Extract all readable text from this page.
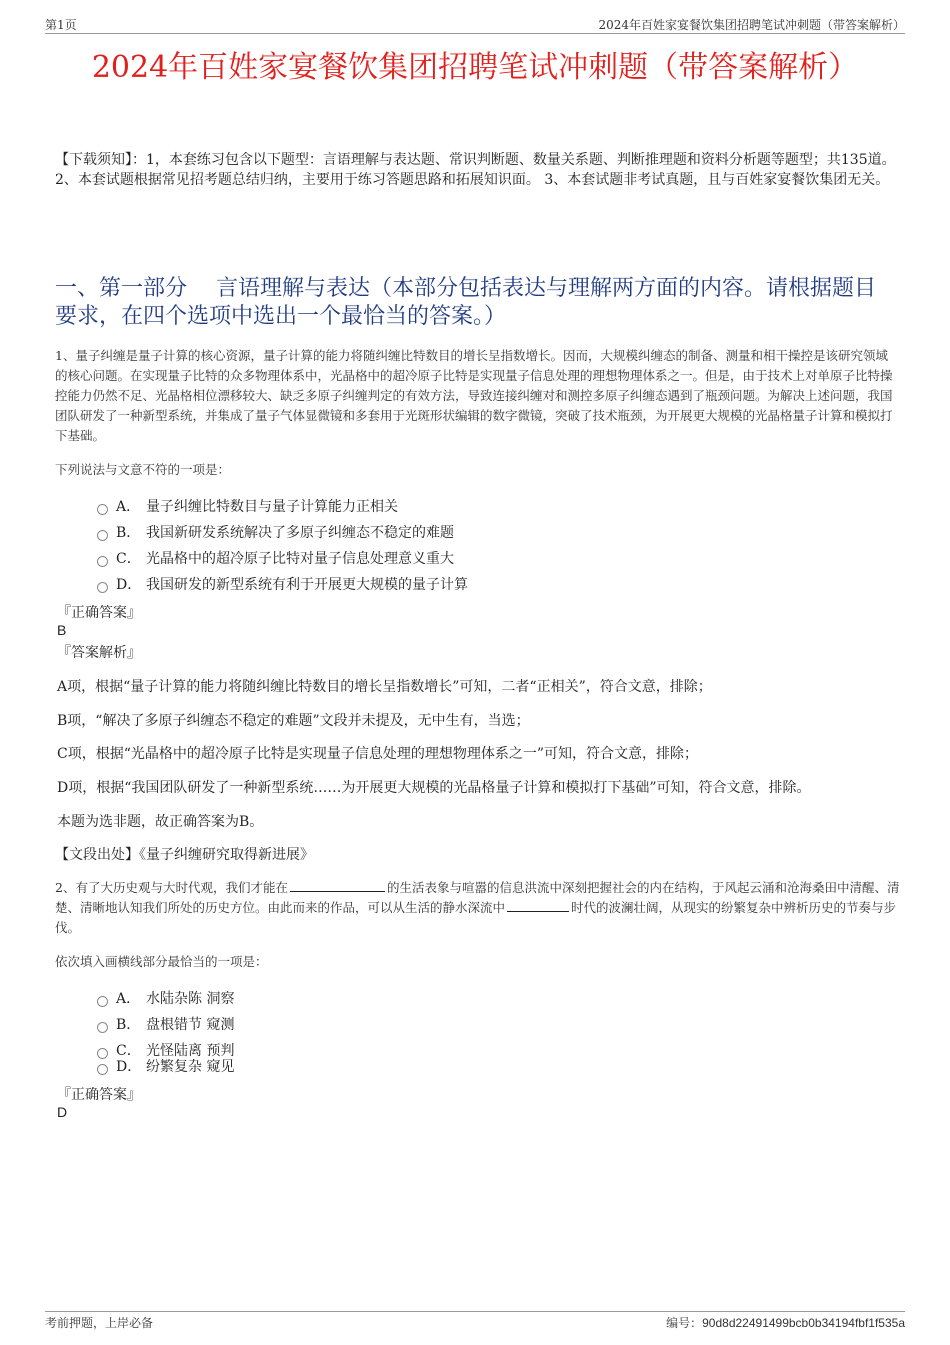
第1页	2024年百姓家宴餐饮集团招聘笔试冲刺题（带答案解析）
2024年百姓家宴餐饮集团招聘笔试冲刺题（带答案解析）
【下载须知】：1，本套练习包含以下题型：言语理解与表达题、常识判断题、数量关系题、判断推理题和资料分析题等题型；共135道。 2、本套试题根据常见招考题总结归纳，主要用于练习答题思路和拓展知识面。 3、本套试题非考试真题，且与百姓家宴餐饮集团无关。
一、第一部分　 言语理解与表达（本部分包括表达与理解两方面的内容。请根据题目要求，在四个选项中选出一个最恰当的答案。）
1、量子纠缠是量子计算的核心资源，量子计算的能力将随纠缠比特数目的增长呈指数增长。因而，大规模纠缠态的制备、测量和相干操控是该研究领域的核心问题。在实现量子比特的众多物理体系中，光晶格中的超冷原子比特是实现量子信息处理的理想物理体系之一。但是，由于技术上对单原子比特操控能力仍然不足、光晶格相位漂移较大、缺乏多原子纠缠判定的有效方法，导致连接纠缠对和测控多原子纠缠态遇到了瓶颈问题。为解决上述问题，我国团队研发了一种新型系统，并集成了量子气体显微镜和多套用于光斑形状编辑的数字微镜，突破了技术瓶颈，为开展更大规模的光晶格量子计算和模拟打下基础。
下列说法与文意不符的一项是：
A． 量子纠缠比特数目与量子计算能力正相关
B． 我国新研发系统解决了多原子纠缠态不稳定的难题
C． 光晶格中的超冷原子比特对量子信息处理意义重大
D． 我国研发的新型系统有利于开展更大规模的量子计算
『正确答案』
B
『答案解析』
A项，根据“量子计算的能力将随纠缠比特数目的增长呈指数增长”可知，二者“正相关”，符合文意，排除；
B项，“解决了多原子纠缠态不稳定的难题”文段并未提及，无中生有，当选；
C项，根据“光晶格中的超冷原子比特是实现量子信息处理的理想物理体系之一”可知，符合文意，排除；
D项，根据“我国团队研发了一种新型系统……为开展更大规模的光晶格量子计算和模拟打下基础”可知，符合文意，排除。
本题为选非题，故正确答案为B。
【文段出处】《量子纠缠研究取得新进展》
2、有了大历史观与大时代观，我们才能在	的生活表象与喧嚣的信息洪流中深刻把握社会的内在结构，于风起云涌和沧海桑田中清醒、清楚、清晰地认知我们所处的历史方位。由此而来的作品，可以从生活的静水深流中	时代的波澜壮阔，从现实的纷繁复杂中辨析历史的节奏与步伐。
依次填入画横线部分最恰当的一项是：
A． 水陆杂陈 洞察
B． 盘根错节 窥测
C． 光怪陆离 预判
D． 纷繁复杂 窥见
『正确答案』
D
考前押题，上岸必备	编号：90d8d22491499bcb0b34194fbf1f535a
